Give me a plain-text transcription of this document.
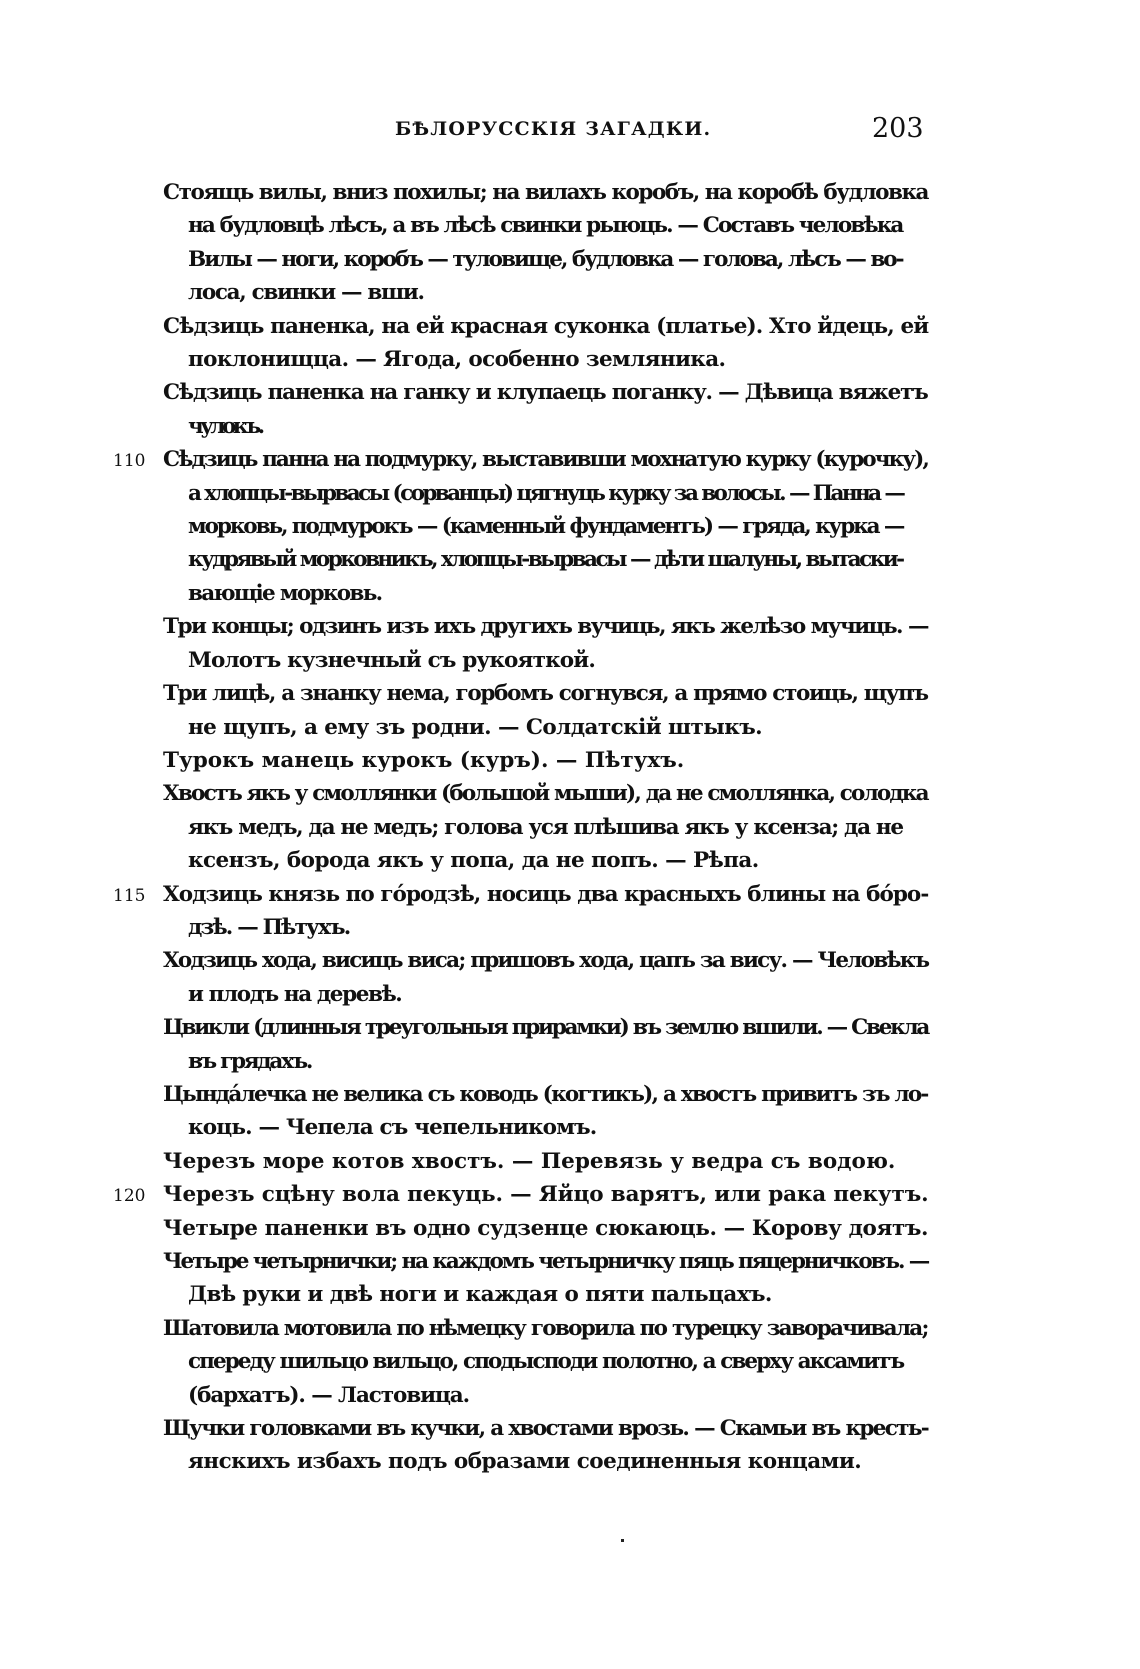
БѢЛОРУССКІЯ ЗАГАДКИ.	203
Стоящь вилы, вниз похилы; на вилахъ коробъ, на коробѣ будловка
на будловцѣ лѣсъ, а въ лѣсѣ свинки рыюць. — Составъ человѣка
Вилы — ноги, коробъ — туловище, будловка — голова, лѣсъ — во-
лоса, свинки — вши.
Сѣдзиць паненка, на ей красная суконка (платье). Хто йдець, ей
поклонищца. — Ягода, особенно земляника.
Сѣдзиць паненка на ганку и клупаець поганку. — Дѣвица вяжетъ
чулокъ.
110 Сѣдзиць панна на подмурку, выставивши мохнатую курку (курочку),
а хлопцы-вырвасы (сорванцы) цягнуць курку за волосы. — Панна —
морковь, подмурокъ — (каменный фундаментъ) — гряда, курка —
кудрявый морковникъ, хлопцы-вырвасы — дѣти шалуны, вытаски-
вающіе морковь.
Три концы; одзинъ изъ ихъ другихъ вучиць, якъ желѣзо мучиць. —
Молотъ кузнечный съ рукояткой.
Три лицѣ, а знанку нема, горбомъ согнувся, а прямо стоиць, щупъ
не щупъ, а ему зъ родни. — Солдатскій штыкъ.
Турокъ манець курокъ (куръ). — Пѣтухъ.
Хвостъ якъ у смоллянки (большой мыши), да не смоллянка, солодка
якъ медъ, да не медъ; голова уся плѣшива якъ у ксенза; да не
ксензъ, борода якъ у попа, да не попъ. — Рѣпа.
115 Ходзиць князь по гóродзѣ, носиць два красныхъ блины на бóро-
дзѣ. — Пѣтухъ.
Ходзиць хода, висиць виса; пришовъ хода, цапъ за вису. — Человѣкъ
и плодъ на деревѣ.
Цвикли (длинныя треугольныя прирамки) въ землю вшили. — Свекла
въ грядахъ.
Цындáлечка не велика съ ководь (когтикъ), а хвостъ привитъ зъ ло-
коць. — Чепела съ чепельникомъ.
Черезъ море котов хвостъ. — Перевязь у ведра съ водою.
120 Черезъ сцѣну вола пекуць. — Яйцо варятъ, или рака пекутъ.
Четыре паненки въ одно судзенце сюкаюць. — Корову доятъ.
Четыре четырнички; на каждомъ четырничку пяць пяцерничковъ. —
Двѣ руки и двѣ ноги и каждая о пяти пальцахъ.
Шатовила мотовила по нѣмецку говорила по турецку заворачивала;
спереду шильцо вильцо, сподысподи полотно, а сверху аксамитъ
(бархатъ). — Ластовица.
Щучки головками въ кучки, а хвостами врозь. — Скамьи въ кресть-
янскихъ избахъ подъ образами соединенныя концами.
